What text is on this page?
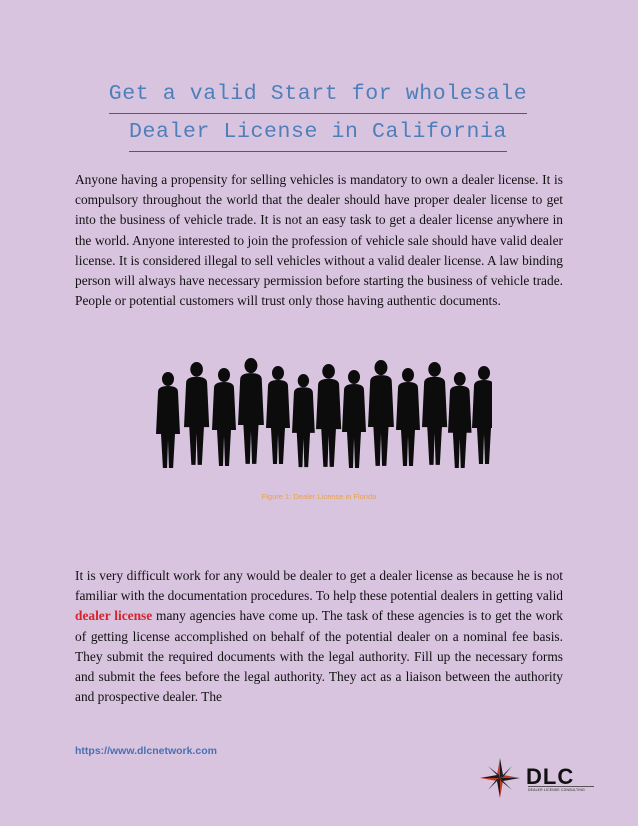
Get a valid Start for wholesale
Dealer License in California

Anyone having a propensity for selling vehicles is mandatory to own a dealer license. It is compulsory throughout the world that the dealer should have proper dealer license to get into the business of vehicle trade. It is not an easy task to get a dealer license anywhere in the world. Anyone interested to join the profession of vehicle sale should have valid dealer license. It is considered illegal to sell vehicles without a valid dealer license. A law binding person will always have necessary permission before starting the business of vehicle trade. People or potential customers will trust only those having authentic documents.

Figure 1: Dealer License in Florida

It is very difficult work for any would be dealer to get a dealer license as because he is not familiar with the documentation procedures. To help these potential dealers in getting valid dealer license many agencies have come up. The task of these agencies is to get the work of getting license accomplished on behalf of the potential dealer on a nominal fee basis. They submit the required documents with the legal authority. Fill up the necessary forms and submit the fees before the legal authority. They act as a liaison between the authority and prospective dealer. The

https://www.dlcnetwork.com
DLC
DEALER LICENSE CONSULTING
